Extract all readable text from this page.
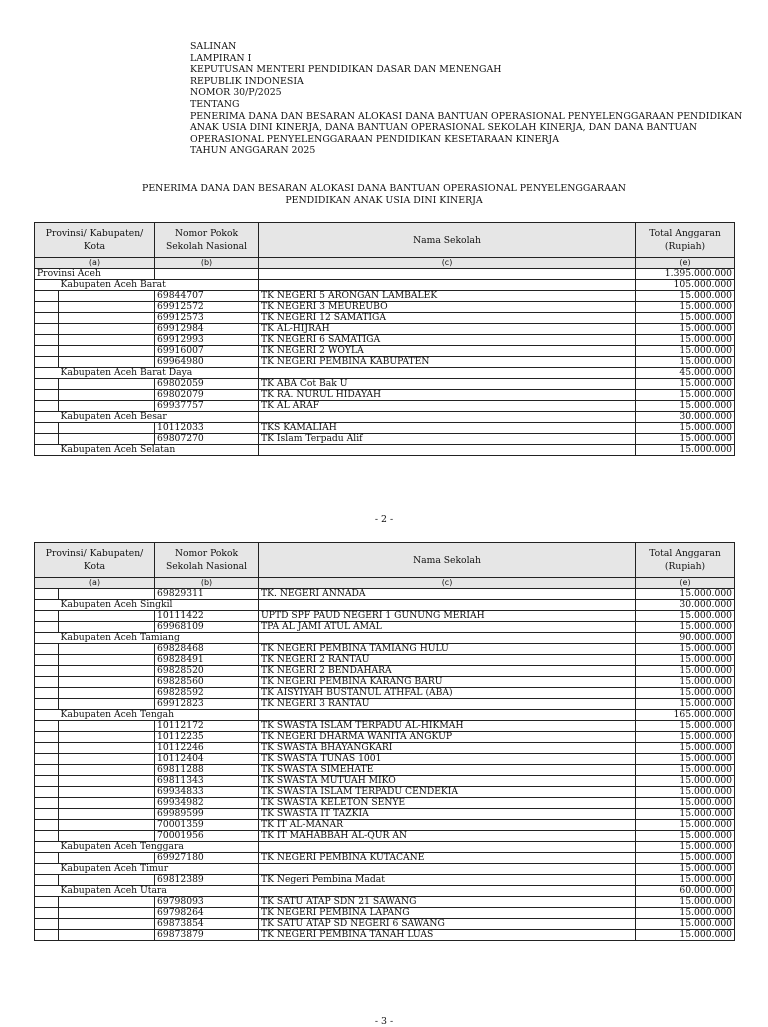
SALINAN
LAMPIRAN I
KEPUTUSAN MENTERI PENDIDIKAN DASAR DAN MENENGAH
REPUBLIK INDONESIA
NOMOR 30/P/2025
TENTANG
PENERIMA DANA DAN BESARAN ALOKASI DANA BANTUAN OPERASIONAL PENYELENGGARAAN PENDIDIKAN
ANAK USIA DINI KINERJA, DANA BANTUAN OPERASIONAL SEKOLAH KINERJA, DAN DANA BANTUAN
OPERASIONAL PENYELENGGARAAN PENDIDIKAN KESETARAAN KINERJA
TAHUN ANGGARAN 2025
PENERIMA DANA DAN BESARAN ALOKASI DANA BANTUAN OPERASIONAL PENYELENGGARAAN
PENDIDIKAN ANAK USIA DINI KINERJA
Provinsi/ Kabupaten/ Kota		Nomor Pokok Sekolah Nasional	Nama Sekolah	Total Anggaran (Rupiah)
(a)		(b)	(c)	(e)
Provinsi Aceh				1.395.000.000
	Kabupaten Aceh Barat			105.000.000
		69844707	TK NEGERI 5 ARONGAN LAMBALEK	15.000.000
		69912572	TK NEGERI 3 MEUREUBO	15.000.000
		69912573	TK NEGERI 12 SAMATIGA	15.000.000
		69912984	TK AL-HIJRAH	15.000.000
		69912993	TK NEGERI 6 SAMATIGA	15.000.000
		69916007	TK NEGERI 2 WOYLA	15.000.000
		69964980	TK NEGERI PEMBINA KABUPATEN	15.000.000
	Kabupaten Aceh Barat Daya			45.000.000
		69802059	TK ABA Cot Bak U	15.000.000
		69802079	TK RA. NURUL HIDAYAH	15.000.000
		69937757	TK AL ARAF	15.000.000
	Kabupaten Aceh Besar			30.000.000
		10112033	TKS KAMALIAH	15.000.000
		69807270	TK Islam Terpadu Alif	15.000.000
	Kabupaten Aceh Selatan			15.000.000
- 2 -
Provinsi/ Kabupaten/ Kota		Nomor Pokok Sekolah Nasional	Nama Sekolah	Total Anggaran (Rupiah)
(a)		(b)	(c)	(e)
		69829311	TK. NEGERI ANNADA	15.000.000
	Kabupaten Aceh Singkil			30.000.000
		10111422	UPTD SPF PAUD NEGERI 1 GUNUNG MERIAH	15.000.000
		69968109	TPA AL JAMI ATUL AMAL	15.000.000
	Kabupaten Aceh Tamiang			90.000.000
		69828468	TK NEGERI PEMBINA TAMIANG HULU	15.000.000
		69828491	TK NEGERI 2 RANTAU	15.000.000
		69828520	TK NEGERI 2 BENDAHARA	15.000.000
		69828560	TK NEGERI PEMBINA KARANG BARU	15.000.000
		69828592	TK AISYIYAH BUSTANUL ATHFAL (ABA)	15.000.000
		69912823	TK NEGERI 3 RANTAU	15.000.000
	Kabupaten Aceh Tengah			165.000.000
		10112172	TK SWASTA ISLAM TERPADU AL-HIKMAH	15.000.000
		10112235	TK NEGERI DHARMA WANITA ANGKUP	15.000.000
		10112246	TK SWASTA BHAYANGKARI	15.000.000
		10112404	TK SWASTA TUNAS 1001	15.000.000
		69811288	TK SWASTA SIMEHATE	15.000.000
		69811343	TK SWASTA MUTUAH MIKO	15.000.000
		69934833	TK SWASTA ISLAM TERPADU CENDEKIA	15.000.000
		69934982	TK SWASTA KELETON SENYE	15.000.000
		69989599	TK SWASTA IT TAZKIA	15.000.000
		70001359	TK IT AL-MANAR	15.000.000
		70001956	TK IT MAHABBAH AL-QUR AN	15.000.000
	Kabupaten Aceh Tenggara			15.000.000
		69927180	TK NEGERI PEMBINA KUTACANE	15.000.000
	Kabupaten Aceh Timur			15.000.000
		69812389	TK Negeri Pembina Madat	15.000.000
	Kabupaten Aceh Utara			60.000.000
		69798093	TK SATU ATAP SDN 21 SAWANG	15.000.000
		69798264	TK NEGERI PEMBINA LAPANG	15.000.000
		69873854	TK SATU ATAP SD NEGERI 6 SAWANG	15.000.000
		69873879	TK NEGERI PEMBINA TANAH LUAS	15.000.000
- 3 -
